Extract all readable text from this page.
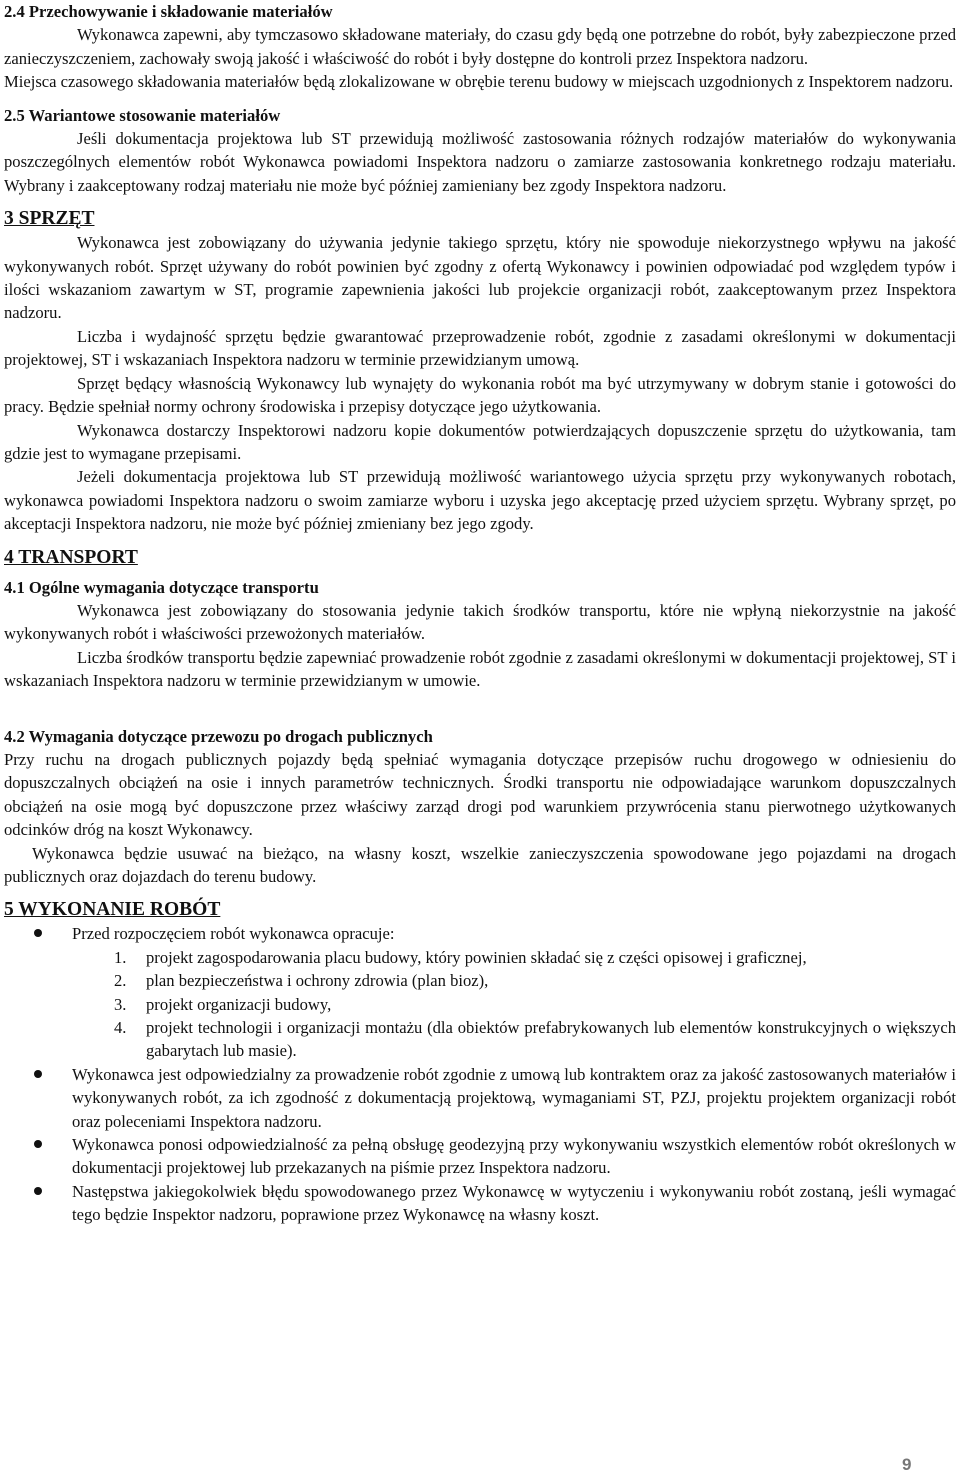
2.4 Przechowywanie i składowanie materiałów

Wykonawca zapewni, aby tymczasowo składowane materiały, do czasu gdy będą one potrzebne do robót, były zabezpieczone przed zanieczyszczeniem, zachowały swoją jakość i właściwość do robót i były dostępne do kontroli przez Inspektora nadzoru.

Miejsca czasowego składowania materiałów będą zlokalizowane w obrębie terenu budowy w miejscach uzgodnionych z Inspektorem nadzoru.

2.5 Wariantowe stosowanie materiałów

Jeśli dokumentacja projektowa lub ST przewidują możliwość zastosowania różnych rodzajów materiałów do wykonywania poszczególnych elementów robót Wykonawca powiadomi Inspektora nadzoru o zamiarze zastosowania konkretnego rodzaju materiału. Wybrany i zaakceptowany rodzaj materiału nie może być później zamieniany bez zgody Inspektora nadzoru.

3 SPRZĘT

Wykonawca jest zobowiązany do używania jedynie takiego sprzętu, który nie spowoduje niekorzystnego wpływu na jakość wykonywanych robót. Sprzęt używany do robót powinien być zgodny z ofertą Wykonawcy i powinien odpowiadać pod względem typów i ilości wskazaniom zawartym w ST, programie zapewnienia jakości lub projekcie organizacji robót, zaakceptowanym przez Inspektora nadzoru.

Liczba i wydajność sprzętu będzie gwarantować przeprowadzenie robót, zgodnie z zasadami określonymi w dokumentacji projektowej, ST i wskazaniach Inspektora nadzoru w terminie przewidzianym umową.

Sprzęt będący własnością Wykonawcy lub wynajęty do wykonania robót ma być utrzymywany w dobrym stanie i gotowości do pracy. Będzie spełniał normy ochrony środowiska i przepisy dotyczące jego użytkowania.

Wykonawca dostarczy Inspektorowi nadzoru kopie dokumentów potwierdzających dopuszczenie sprzętu do użytkowania, tam gdzie jest to wymagane przepisami.

Jeżeli dokumentacja projektowa lub ST przewidują możliwość wariantowego użycia sprzętu przy wykonywanych robotach, wykonawca powiadomi Inspektora nadzoru o swoim zamiarze wyboru i uzyska jego akceptację przed użyciem sprzętu. Wybrany sprzęt, po akceptacji Inspektora nadzoru, nie może być później zmieniany bez jego zgody.

4 TRANSPORT

4.1 Ogólne wymagania dotyczące transportu

Wykonawca jest zobowiązany do stosowania jedynie takich środków transportu, które nie wpłyną niekorzystnie na jakość wykonywanych robót i właściwości przewożonych materiałów.

Liczba środków transportu będzie zapewniać prowadzenie robót zgodnie z zasadami określonymi w dokumentacji projektowej, ST i wskazaniach Inspektora nadzoru w terminie przewidzianym w umowie.

4.2 Wymagania dotyczące przewozu po drogach publicznych

Przy ruchu na drogach publicznych pojazdy będą spełniać wymagania dotyczące przepisów ruchu drogowego w odniesieniu do dopuszczalnych obciążeń na osie i innych parametrów technicznych. Środki transportu nie odpowiadające warunkom dopuszczalnych obciążeń na osie mogą być dopuszczone przez właściwy zarząd drogi pod warunkiem przywrócenia stanu pierwotnego użytkowanych odcinków dróg na koszt Wykonawcy.

Wykonawca będzie usuwać na bieżąco, na własny koszt, wszelkie zanieczyszczenia spowodowane jego pojazdami na drogach publicznych oraz dojazdach do terenu budowy.

5 WYKONANIE ROBÓT

Przed rozpoczęciem robót wykonawca opracuje:

1. projekt zagospodarowania placu budowy, który powinien składać się z części opisowej i graficznej,
2. plan bezpieczeństwa i ochrony zdrowia (plan bioz),
3. projekt organizacji budowy,
4. projekt technologii i organizacji montażu (dla obiektów prefabrykowanych lub elementów konstrukcyjnych o większych gabarytach lub masie).

Wykonawca jest odpowiedzialny za prowadzenie robót zgodnie z umową lub kontraktem oraz za jakość zastosowanych materiałów i wykonywanych robót, za ich zgodność z dokumentacją projektową, wymaganiami ST, PZJ, projektu projektem organizacji robót oraz poleceniami Inspektora nadzoru.

Wykonawca ponosi odpowiedzialność za pełną obsługę geodezyjną przy wykonywaniu wszystkich elementów robót określonych w dokumentacji projektowej lub przekazanych na piśmie przez Inspektora nadzoru.

Następstwa jakiegokolwiek błędu spowodowanego przez Wykonawcę w wytyczeniu i wykonywaniu robót zostaną, jeśli wymagać tego będzie Inspektor nadzoru, poprawione przez Wykonawcę na własny koszt.

9
